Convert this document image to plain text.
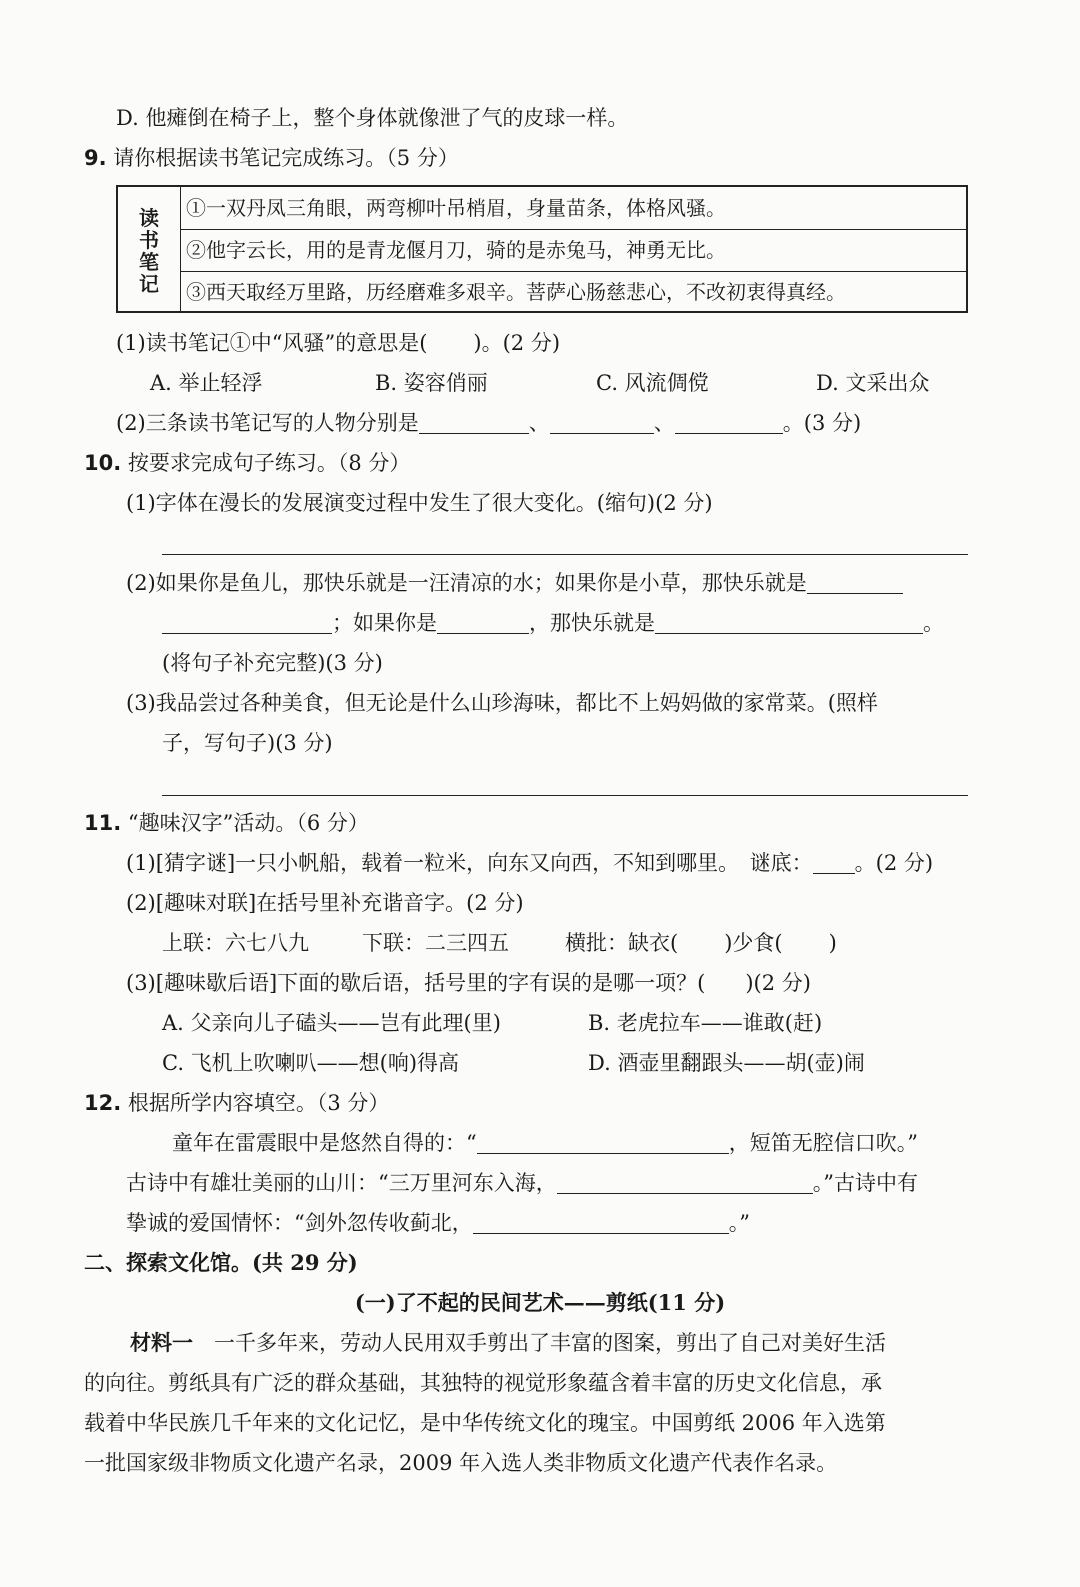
D. 他瘫倒在椅子上，整个身体就像泄了气的皮球一样。
9. 请你根据读书笔记完成练习。（5 分）
读
书
笔
记
①一双丹凤三角眼，两弯柳叶吊梢眉，身量苗条，体格风骚。
②他字云长，用的是青龙偃月刀，骑的是赤兔马，神勇无比。
③西天取经万里路，历经磨难多艰辛。菩萨心肠慈悲心，不改初衷得真经。
(1)读书笔记①中“风骚”的意思是( )。(2 分)
A. 举止轻浮	B. 姿容俏丽	C. 风流倜傥	D. 文采出众
(2)三条读书笔记写的人物分别是	、	、	。(3 分)
10. 按要求完成句子练习。（8 分）
(1)字体在漫长的发展演变过程中发生了很大变化。(缩句)(2 分)
(2)如果你是鱼儿，那快乐就是一汪清凉的水；如果你是小草，那快乐就是
；如果你是	，那快乐就是	。
(将句子补充完整)(3 分)
(3)我品尝过各种美食，但无论是什么山珍海味，都比不上妈妈做的家常菜。(照样
子，写句子)(3 分)
11. “趣味汉字”活动。（6 分）
(1)[猜字谜]一只小帆船，载着一粒米，向东又向西，不知到哪里。　谜底： 。(2 分)
(2)[趣味对联]在括号里补充谐音字。(2 分)
上联：六七八九	下联：二三四五	横批：缺衣( )少食( )
(3)[趣味歇后语]下面的歇后语，括号里的字有误的是哪一项？( )(2 分)
A. 父亲向儿子磕头——岂有此理(里)	B. 老虎拉车——谁敢(赶)
C. 飞机上吹喇叭——想(响)得高	D. 酒壶里翻跟头——胡(壶)闹
12. 根据所学内容填空。（3 分）
童年在雷震眼中是悠然自得的：“	，短笛无腔信口吹。”
古诗中有雄壮美丽的山川：“三万里河东入海，	。”古诗中有
挚诚的爱国情怀：“剑外忽传收蓟北，	。”
二、探索文化馆。(共 29 分)
(一)了不起的民间艺术——剪纸(11 分)
材料一　 一千多年来，劳动人民用双手剪出了丰富的图案，剪出了自己对美好生活
的向往。剪纸具有广泛的群众基础，其独特的视觉形象蕴含着丰富的历史文化信息，承
载着中华民族几千年来的文化记忆，是中华传统文化的瑰宝。中国剪纸 2006 年入选第
一批国家级非物质文化遗产名录，2009 年入选人类非物质文化遗产代表作名录。
